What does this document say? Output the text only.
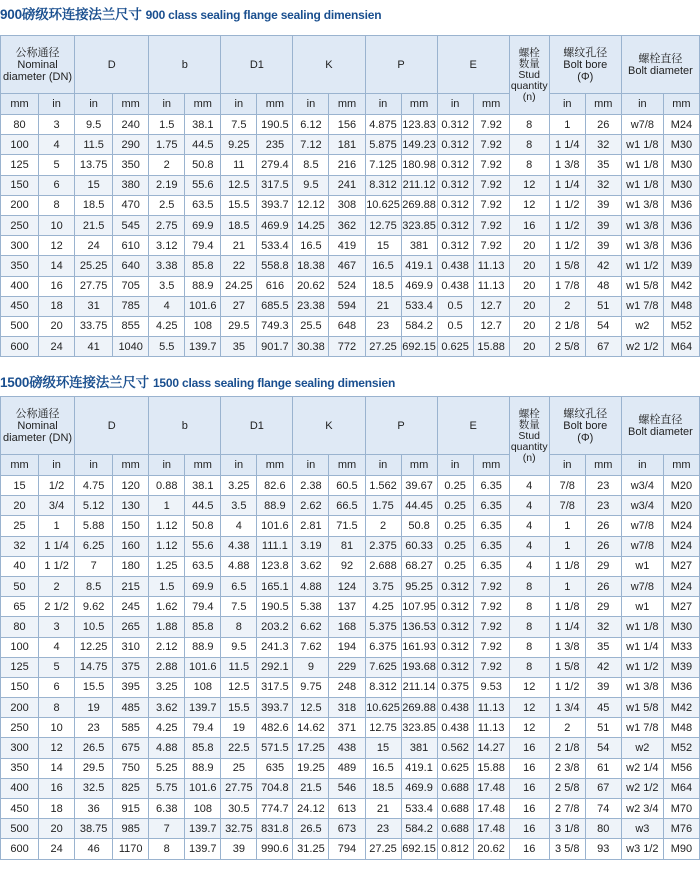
900磅级环连接法兰尺寸 900 class sealing flange sealing dimensien
公称通径
Nominal
diameter (DN)		D		b		D1		K		P		E		螺栓
数量
Stud
quantity
(n)	螺纹孔径
Bolt bore
(Φ)		螺栓直径
Bolt diameter	

mm	in	in	mm	in	mm	in	mm	in	mm	in	mm	in	mm		in	mm	in	mm
80	3	9.5	240	1.5	38.1	7.5	190.5	6.12	156	4.875	123.83	0.312	7.92	8	1	26	w7/8	M24
100	4	11.5	290	1.75	44.5	9.25	235	7.12	181	5.875	149.23	0.312	7.92	8	1 1/4	32	w1 1/8	M30
125	5	13.75	350	2	50.8	11	279.4	8.5	216	7.125	180.98	0.312	7.92	8	1 3/8	35	w1 1/8	M30
150	6	15	380	2.19	55.6	12.5	317.5	9.5	241	8.312	211.12	0.312	7.92	12	1 1/4	32	w1 1/8	M30
200	8	18.5	470	2.5	63.5	15.5	393.7	12.12	308	10.625	269.88	0.312	7.92	12	1 1/2	39	w1 3/8	M36
250	10	21.5	545	2.75	69.9	18.5	469.9	14.25	362	12.75	323.85	0.312	7.92	16	1 1/2	39	w1 3/8	M36
300	12	24	610	3.12	79.4	21	533.4	16.5	419	15	381	0.312	7.92	20	1 1/2	39	w1 3/8	M36
350	14	25.25	640	3.38	85.8	22	558.8	18.38	467	16.5	419.1	0.438	11.13	20	1 5/8	42	w1 1/2	M39
400	16	27.75	705	3.5	88.9	24.25	616	20.62	524	18.5	469.9	0.438	11.13	20	1 7/8	48	w1 5/8	M42
450	18	31	785	4	101.6	27	685.5	23.38	594	21	533.4	0.5	12.7	20	2	51	w1 7/8	M48
500	20	33.75	855	4.25	108	29.5	749.3	25.5	648	23	584.2	0.5	12.7	20	2 1/8	54	w2	M52
600	24	41	1040	5.5	139.7	35	901.7	30.38	772	27.25	692.15	0.625	15.88	20	2 5/8	67	w2 1/2	M64
1500磅级环连接法兰尺寸 1500 class sealing flange sealing dimensien
公称通径
Nominal
diameter (DN)		D		b		D1		K		P		E		螺栓
数量
Stud
quantity
(n)	螺纹孔径
Bolt bore
(Φ)		螺栓直径
Bolt diameter	

mm	in	in	mm	in	mm	in	mm	in	mm	in	mm	in	mm		in	mm	in	mm
15	1/2	4.75	120	0.88	38.1	3.25	82.6	2.38	60.5	1.562	39.67	0.25	6.35	4	7/8	23	w3/4	M20
20	3/4	5.12	130	1	44.5	3.5	88.9	2.62	66.5	1.75	44.45	0.25	6.35	4	7/8	23	w3/4	M20
25	1	5.88	150	1.12	50.8	4	101.6	2.81	71.5	2	50.8	0.25	6.35	4	1	26	w7/8	M24
32	1 1/4	6.25	160	1.12	55.6	4.38	111.1	3.19	81	2.375	60.33	0.25	6.35	4	1	26	w7/8	M24
40	1 1/2	7	180	1.25	63.5	4.88	123.8	3.62	92	2.688	68.27	0.25	6.35	4	1 1/8	29	w1	M27
50	2	8.5	215	1.5	69.9	6.5	165.1	4.88	124	3.75	95.25	0.312	7.92	8	1	26	w7/8	M24
65	2 1/2	9.62	245	1.62	79.4	7.5	190.5	5.38	137	4.25	107.95	0.312	7.92	8	1 1/8	29	w1	M27
80	3	10.5	265	1.88	85.8	8	203.2	6.62	168	5.375	136.53	0.312	7.92	8	1 1/4	32	w1 1/8	M30
100	4	12.25	310	2.12	88.9	9.5	241.3	7.62	194	6.375	161.93	0.312	7.92	8	1 3/8	35	w1 1/4	M33
125	5	14.75	375	2.88	101.6	11.5	292.1	9	229	7.625	193.68	0.312	7.92	8	1 5/8	42	w1 1/2	M39
150	6	15.5	395	3.25	108	12.5	317.5	9.75	248	8.312	211.14	0.375	9.53	12	1 1/2	39	w1 3/8	M36
200	8	19	485	3.62	139.7	15.5	393.7	12.5	318	10.625	269.88	0.438	11.13	12	1 3/4	45	w1 5/8	M42
250	10	23	585	4.25	79.4	19	482.6	14.62	371	12.75	323.85	0.438	11.13	12	2	51	w1 7/8	M48
300	12	26.5	675	4.88	85.8	22.5	571.5	17.25	438	15	381	0.562	14.27	16	2 1/8	54	w2	M52
350	14	29.5	750	5.25	88.9	25	635	19.25	489	16.5	419.1	0.625	15.88	16	2 3/8	61	w2 1/4	M56
400	16	32.5	825	5.75	101.6	27.75	704.8	21.5	546	18.5	469.9	0.688	17.48	16	2 5/8	67	w2 1/2	M64
450	18	36	915	6.38	108	30.5	774.7	24.12	613	21	533.4	0.688	17.48	16	2 7/8	74	w2 3/4	M70
500	20	38.75	985	7	139.7	32.75	831.8	26.5	673	23	584.2	0.688	17.48	16	3 1/8	80	w3	M76
600	24	46	1170	8	139.7	39	990.6	31.25	794	27.25	692.15	0.812	20.62	16	3 5/8	93	w3 1/2	M90
